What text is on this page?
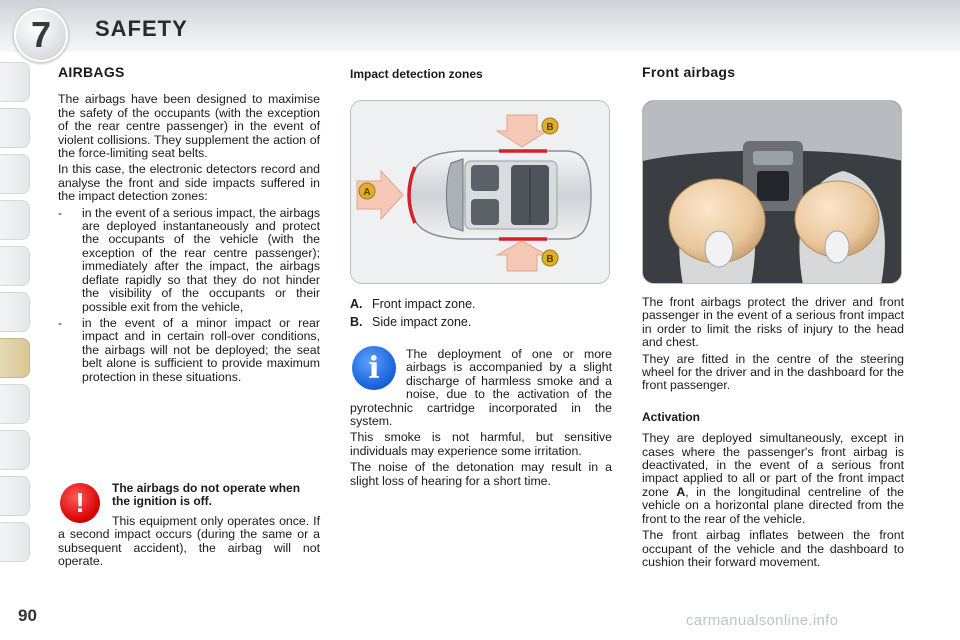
7	SAFETY
AIRBAGS

The airbags have been designed to maximise the safety of the occupants (with the exception of the rear centre passenger) in the event of violent collisions. They supplement the action of the force-limiting seat belts.

In this case, the electronic detectors record and analyse the front and side impacts suffered in the impact detection zones:

-	in the event of a serious impact, the airbags are deployed instantaneously and protect the occupants of the vehicle (with the exception of the rear centre passenger); immediately after the impact, the airbags deflate rapidly so that they do not hinder the visibility of the occupants or their possible exit from the vehicle,
-	in the event of a minor impact or rear impact and in certain roll-over conditions, the airbags will not be deployed; the seat belt alone is sufficient to provide maximum protection in these situations.
!	The airbags do not operate when the ignition is off.

This equipment only operates once. If a second impact occurs (during the same or a subsequent accident), the airbag will not operate.

Impact detection zones
A
B
B
A. Front impact zone.
B. Side impact zone.
i	The deployment of one or more airbags is accompanied by a slight discharge of harmless smoke and a noise, due to the activation of the pyrotechnic cartridge incorporated in the system.

This smoke is not harmful, but sensitive individuals may experience some irritation.

The noise of the detonation may result in a slight loss of hearing for a short time.

Front airbags

The front airbags protect the driver and front passenger in the event of a serious front impact in order to limit the risks of injury to the head and chest.

They are fitted in the centre of the steering wheel for the driver and in the dashboard for the front passenger.

Activation

They are deployed simultaneously, except in cases where the passenger's front airbag is deactivated, in the event of a serious front impact applied to all or part of the front impact zone A, in the longitudinal centreline of the vehicle on a horizontal plane directed from the front to the rear of the vehicle.

The front airbag inflates between the front occupant of the vehicle and the dashboard to cushion their forward movement.

90	carmanualsonline.info
